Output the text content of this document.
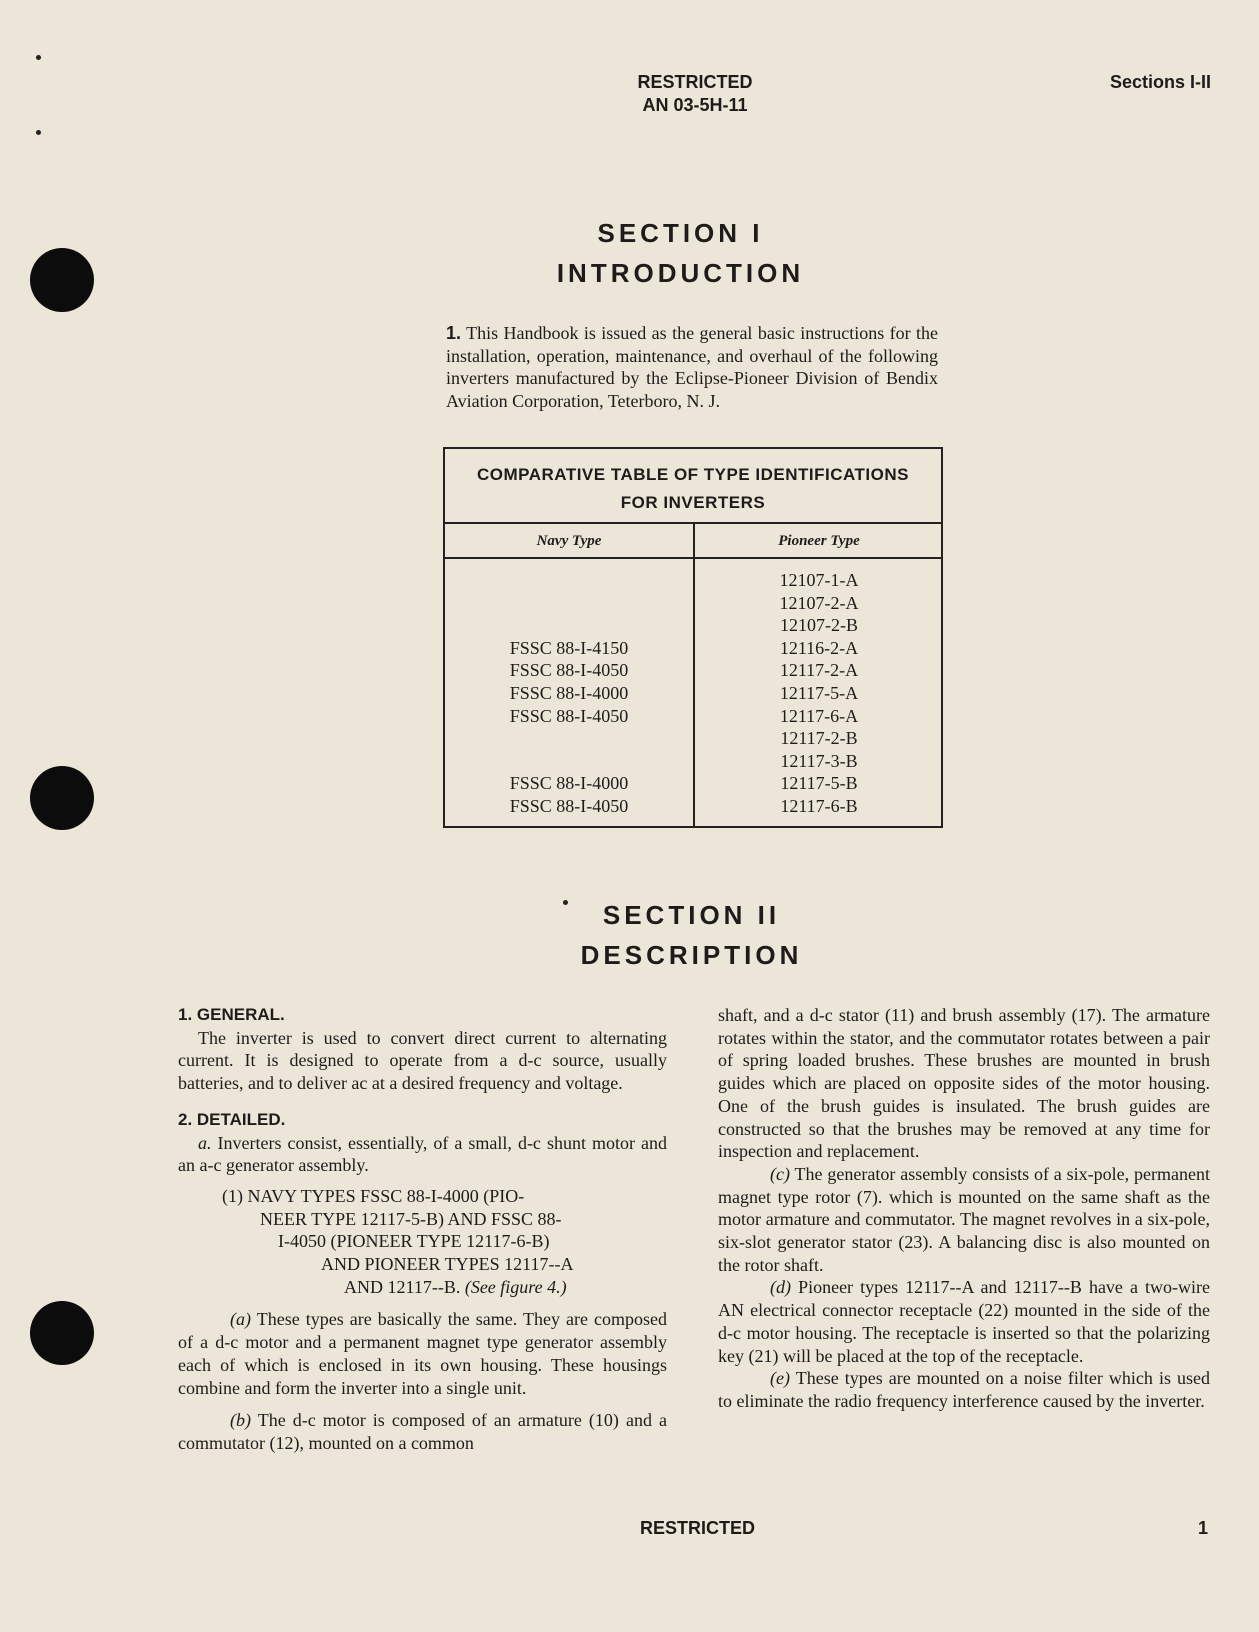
RESTRICTED
AN 03-5H-11
Sections I-II
SECTION I
INTRODUCTION

1. This Handbook is issued as the general basic instructions for the installation, operation, maintenance, and overhaul of the following inverters manufactured by the Eclipse-Pioneer Division of Bendix Aviation Corporation, Teterboro, N. J.

COMPARATIVE TABLE OF TYPE IDENTIFICATIONS
FOR INVERTERS
Navy Type	Pioneer Type
FSSC 88-I-4150
FSSC 88-I-4050
FSSC 88-I-4000
FSSC 88-I-4050
FSSC 88-I-4000
FSSC 88-I-4050
12107-1-A
12107-2-A
12107-2-B
12116-2-A
12117-2-A
12117-5-A
12117-6-A
12117-2-B
12117-3-B
12117-5-B
12117-6-B
SECTION II
DESCRIPTION

1. GENERAL.

The inverter is used to convert direct current to alternating current. It is designed to operate from a d-c source, usually batteries, and to deliver ac at a desired frequency and voltage.

2. DETAILED.

a. Inverters consist, essentially, of a small, d-c shunt motor and an a-c generator assembly.

(1) NAVY TYPES FSSC 88-I-4000 (PIO-
NEER TYPE 12117-5-B) AND FSSC 88-
I-4050 (PIONEER TYPE 12117-6-B)
AND PIONEER TYPES 12117--A
AND 12117--B. (See figure 4.)

(a) These types are basically the same. They are composed of a d-c motor and a permanent magnet type generator assembly each of which is enclosed in its own housing. These housings combine and form the inverter into a single unit.

(b) The d-c motor is composed of an armature (10) and a commutator (12), mounted on a common

shaft, and a d-c stator (11) and brush assembly (17). The armature rotates within the stator, and the commutator rotates between a pair of spring loaded brushes. These brushes are mounted in brush guides which are placed on opposite sides of the motor housing. One of the brush guides is insulated. The brush guides are constructed so that the brushes may be removed at any time for inspection and replacement.

(c) The generator assembly consists of a six-pole, permanent magnet type rotor (7). which is mounted on the same shaft as the motor armature and commutator. The magnet revolves in a six-pole, six-slot generator stator (23). A balancing disc is also mounted on the rotor shaft.

(d) Pioneer types 12117--A and 12117--B have a two-wire AN electrical connector receptacle (22) mounted in the side of the d-c motor housing. The receptacle is inserted so that the polarizing key (21) will be placed at the top of the receptacle.

(e) These types are mounted on a noise filter which is used to eliminate the radio frequency interference caused by the inverter.

RESTRICTED	1
